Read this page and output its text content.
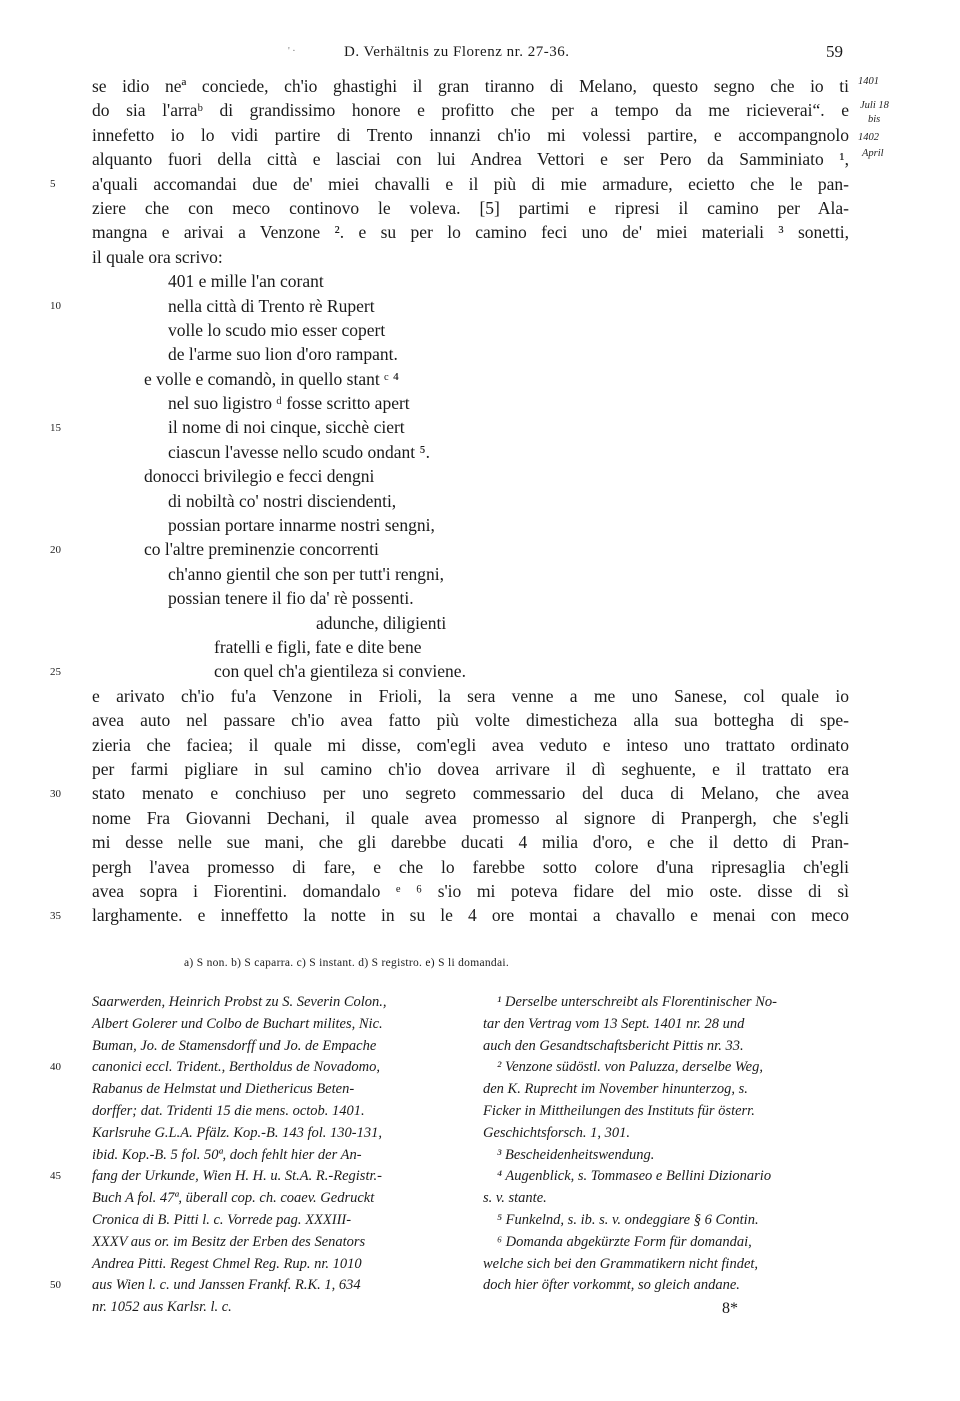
' ·	D. Verhältnis zu Florenz nr. 27-36.	59
5
10
15
20
25
30
35
se idio neª conciede, ch'io ghastighi il gran tiranno di Melano, questo segno che io ti
do sia l'arraᵇ di grandissimo honore e profitto che per a tempo da me ricieverai“. e
innefetto io lo vidi partire di Trento innanzi ch'io mi volessi partire, e accompangnolo
alquanto fuori della città e lasciai con lui Andrea Vettori e ser Pero da Samminiato ¹,
a'quali accomandai due de' miei chavalli e il più di mie armadure, eciettο che le pan-
ziere che con meco continovo le voleva. [5] partimi e ripresi il camino per Ala-
mangna e arivai a Venzone ². e su per lo camino feci uno de' miei materiali ³ sonetti,
il quale ora scrivo:
401 e mille l'an corant
nella città di Trento rè Rupert
volle lo scudo mio esser copert
de l'arme suo lion d'oro rampant.
e volle e comandò, in quello stant ᶜ ⁴
nel suo ligistro ᵈ fosse scritto apert
il nome di noi cinque, sicchè ciert
ciascun l'avesse nello scudo ondant ⁵.
donocci brivilegio e fecci dengni
di nobiltà co' nostri disciendenti,
possian portare innarme nostri sengni,
co l'altre preminenzie concorrenti
ch'anno gientil che son per tutt'i rengni,
possian tenere il fio da' rè possenti.
adunche, diligienti
fratelli e figli, fate e dite bene
con quel ch'a gientileza si conviene.
e arivato ch'io fu'a Venzone in Frioli, la sera venne a me uno Sanese, col quale io
avea auto nel passare ch'io avea fatto più volte dimesticheza alla sua bottegha di spe-
zieria che faciea; il quale mi disse, com'egli avea veduto e inteso uno trattato ordinato
per farmi pigliare in sul camino ch'io dovea arrivare il dì seghuente, e il trattato era
stato menato e conchiuso per uno segreto commessario del duca di Melano, che avea
nome Fra Giovanni Dechani, il quale avea promesso al signore di Pranpergh, che s'egli
mi desse nelle sue mani, che gli darebbe ducati 4 milia d'oro, e che il detto di Pran-
pergh l'avea promesso di fare, e che lo farebbe sotto colore d'una ripresaglia ch'egli
avea sopra i Fiorentini. domandalo ᵉ ⁶ s'io mi poteva fidare del mio oste. disse di sì
larghamente. e inneffetto la notte in su le 4 ore montai a chavallo e menai con meco
1401
Juli 18
bis
1402
April
a) S non. b) S caparra. c) S instant. d) S registro. e) S li domandai.
40
45
50
Saarwerden, Heinrich Probst zu S. Severin Colon.,
Albert Golerer und Colbo de Buchart milites, Nic.
Buman, Jo. de Stamensdorff und Jo. de Empache
canonici eccl. Trident., Bertholdus de Novadomo,
Rabanus de Helmstat und Diethericus Beten-
dorffer; dat. Tridenti 15 die mens. octob. 1401.
Karlsruhe G.L.A. Pfälz. Kop.-B. 143 fol. 130-131,
ibid. Kop.-B. 5 fol. 50ª, doch fehlt hier der An-
fang der Urkunde, Wien H. H. u. St.A. R.-Registr.-
Buch A fol. 47ª, überall cop. ch. coaev. Gedruckt
Cronica di B. Pitti l. c. Vorrede pag. XXXIII-
XXXV aus or. im Besitz der Erben des Senators
Andrea Pitti. Regest Chmel Reg. Rup. nr. 1010
aus Wien l. c. und Janssen Frankf. R.K. 1, 634
nr. 1052 aus Karlsr. l. c.
¹ Derselbe unterschreibt als Florentinischer No-
tar den Vertrag vom 13 Sept. 1401 nr. 28 und
auch den Gesandtschaftsbericht Pittis nr. 33.
² Venzone südöstl. von Paluzza, derselbe Weg,
den K. Ruprecht im November hinunterzog, s.
Ficker in Mittheilungen des Instituts für österr.
Geschichtsforsch. 1, 301.
³ Bescheidenheitswendung.
⁴ Augenblick, s. Tommaseo e Bellini Dizionario
s. v. stante.
⁵ Funkelnd, s. ib. s. v. ondeggiare § 6 Contin.
⁶ Domanda abgekürzte Form für domandai,
welche sich bei den Grammatikern nicht findet,
doch hier öfter vorkommt, so gleich andane.
8*
